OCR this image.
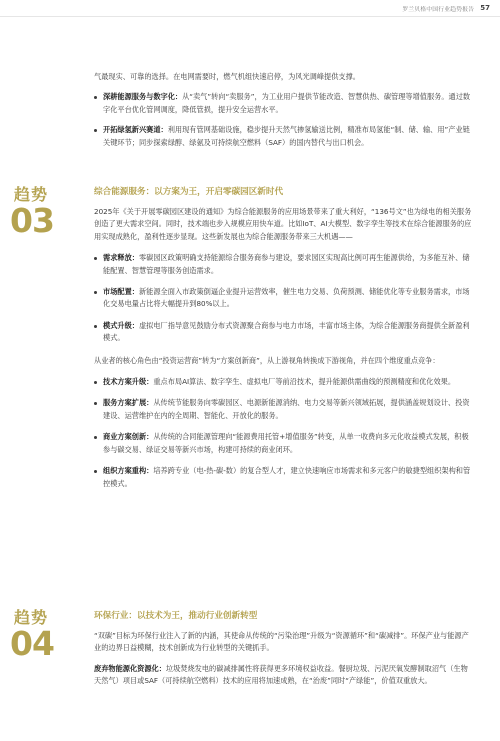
罗兰贝格中国行业趋势报告 57

气最现实、可靠的选择。在电网需要时，燃气机组快速启停，为风光调峰提供支撑。

深耕能源服务与数字化：从“卖气”转向“卖服务”，为工业用户提供节能改造、智慧供热、碳管理等增值服务。通过数字化平台优化管网调度，降低管损，提升安全运营水平。
开拓绿氢新兴赛道：利用现有管网基础设施，稳步提升天然气掺氢输送比例，精准布局氢能“制、储、输、用”产业链关键环节；同步探索绿醇、绿氨及可持续航空燃料（SAF）的国内替代与出口机会。
趋势
03

综合能源服务：以方案为王，开启零碳园区新时代

2025年《关于开展零碳园区建设的通知》为综合能源服务的应用场景带来了重大利好，“136号文”也为绿电的相关服务创造了更大需求空间。同时，技术端也步入规模应用快车道。比如IoT、AI大模型、数字孪生等技术在综合能源服务的应用实现成熟化，盈利性逐步显现。这些新发展也为综合能源服务带来三大机遇——

需求释放：零碳园区政策明确支持能源综合服务商参与建设，要求园区实现高比例可再生能源供给，为多能互补、储能配置、智慧管理等服务创造需求。
市场配置：新能源全面入市政策倒逼企业提升运营效率，催生电力交易、负荷预测、储能优化等专业服务需求，市场化交易电量占比将大幅提升到80%以上。
模式升级：虚拟电厂指导意见鼓励分布式资源聚合商参与电力市场，丰富市场主体，为综合能源服务商提供全新盈利模式。

从业者的核心角色由“投资运营商”转为“方案创新商”，从上游视角转换成下游视角，并在四个维度重点竞争：

技术方案升级：重点布局AI算法、数字孪生、虚拟电厂等前沿技术，提升能源供需曲线的预测精度和优化效果。
服务方案扩展：从传统节能服务向零碳园区、电源新能源消纳、电力交易等新兴领域拓展，提供涵盖规划设计、投资建设、运营维护在内的全周期、智能化、开放化的服务。
商业方案创新：从传统的合同能源管理向“能源费用托管+增值服务”转变，从单一收费向多元化收益模式发展，积极参与碳交易、绿证交易等新兴市场，构建可持续的商业闭环。
组织方案重构：培养跨专业（电-热-碳-数）的复合型人才，建立快速响应市场需求和多元客户的敏捷型组织架构和管控模式。
趋势
04

环保行业：以技术为王，推动行业创新转型

“双碳”目标为环保行业注入了新的内涵，其使命从传统的“污染治理”升级为“资源循环”和“碳减排”。环保产业与能源产业的边界日益模糊，技术创新成为行业转型的关键抓手。

废弃物能源化资源化：垃圾焚烧发电的碳减排属性将获得更多环境权益收益。餐厨垃圾、污泥厌氧发酵制取沼气（生物天然气）项目或SAF（可持续航空燃料）技术的应用将加速成熟，在“治废”同时“产绿能”，价值双重放大。
